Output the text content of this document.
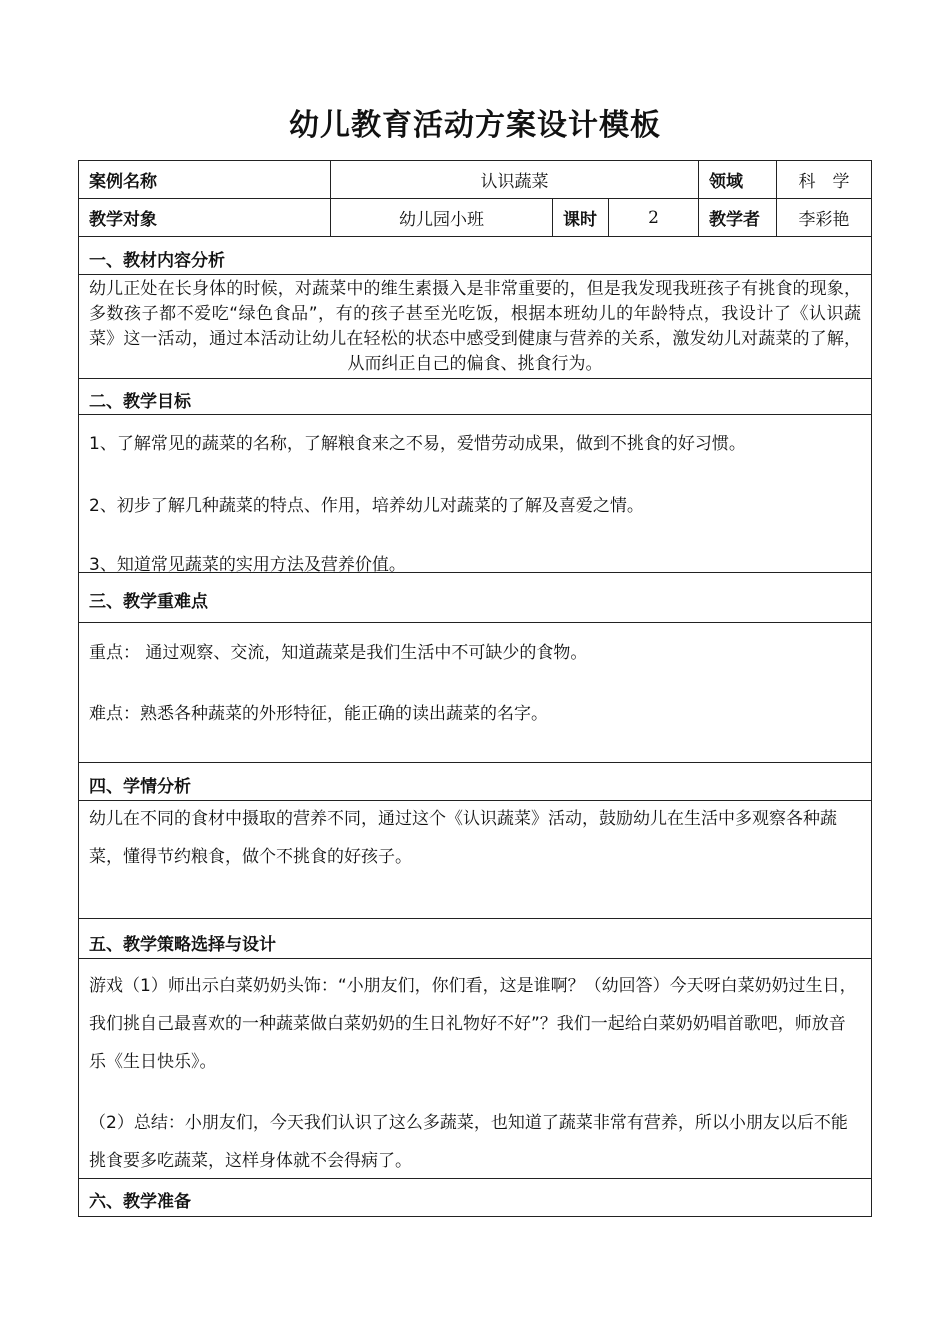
幼儿教育活动方案设计模板
案例名称	认识蔬菜	领域	科　学
教学对象	幼儿园小班	课时	2	教学者	李彩艳
一、教材内容分析
幼儿正处在长身体的时候，对蔬菜中的维生素摄入是非常重要的，但是我发现我班孩子有挑食的现象，多数孩子都不爱吃“绿色食品”，有的孩子甚至光吃饭，根据本班幼儿的年龄特点，我设计了《认识蔬菜》这一活动，通过本活动让幼儿在轻松的状态中感受到健康与营养的关系，激发幼儿对蔬菜的了解，从而纠正自己的偏食、挑食行为。
二、教学目标
1、了解常见的蔬菜的名称，了解粮食来之不易，爱惜劳动成果，做到不挑食的好习惯。
2、初步了解几种蔬菜的特点、作用，培养幼儿对蔬菜的了解及喜爱之情。
3、知道常见蔬菜的实用方法及营养价值。
三、教学重难点
重点： 通过观察、交流，知道蔬菜是我们生活中不可缺少的食物。
难点：熟悉各种蔬菜的外形特征，能正确的读出蔬菜的名字。
四、学情分析
幼儿在不同的食材中摄取的营养不同，通过这个《认识蔬菜》活动，鼓励幼儿在生活中多观察各种蔬菜，懂得节约粮食，做个不挑食的好孩子。
五、教学策略选择与设计
游戏（1）师出示白菜奶奶头饰：“小朋友们，你们看，这是谁啊？（幼回答）今天呀白菜奶奶过生日，我们挑自己最喜欢的一种蔬菜做白菜奶奶的生日礼物好不好”？我们一起给白菜奶奶唱首歌吧，师放音乐《生日快乐》。
（2）总结：小朋友们，今天我们认识了这么多蔬菜，也知道了蔬菜非常有营养，所以小朋友以后不能挑食要多吃蔬菜，这样身体就不会得病了。
六、教学准备
